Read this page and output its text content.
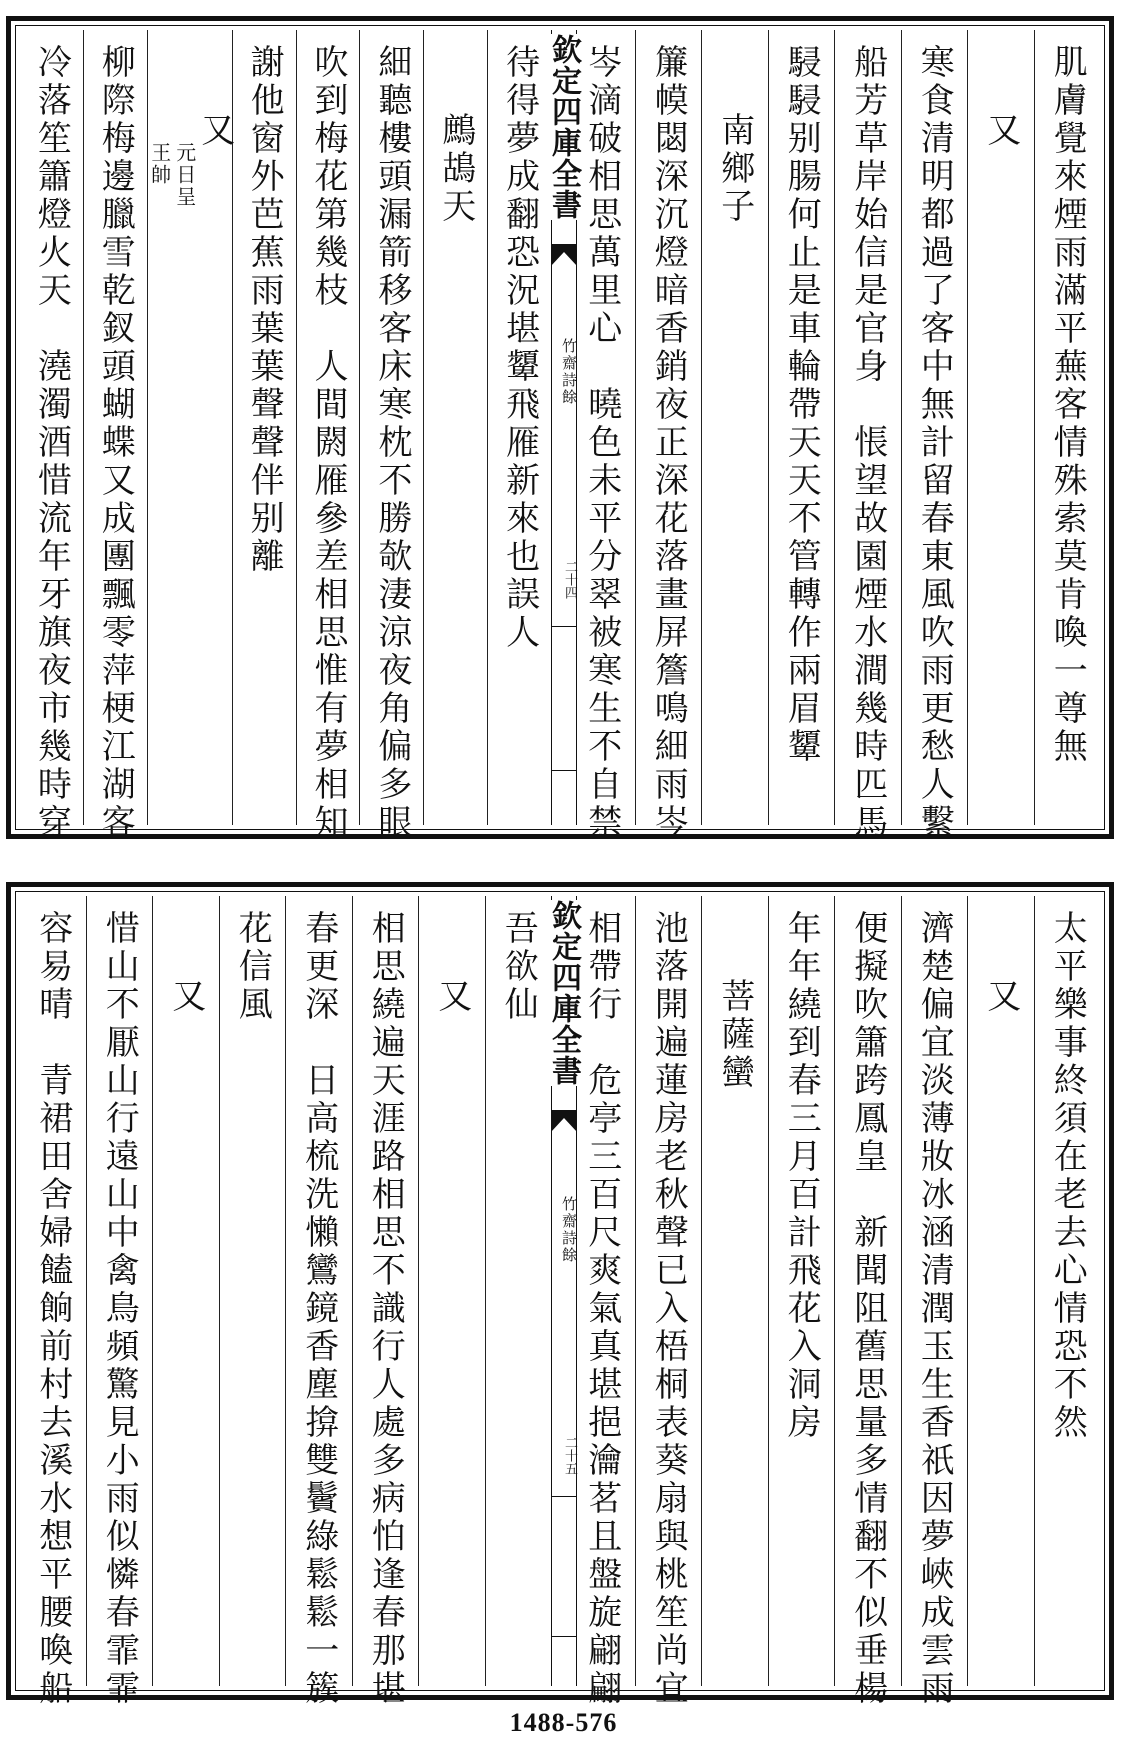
肌膚覺來煙雨滿平蕪客情殊索莫肯喚一尊無
又
寒食清明都過了客中無計留春東風吹雨更愁人繫
船芳草岸始信是官身　悵望故園煙水澗幾時匹馬
駸駸别腸何止是車輪帶天天不管轉作兩眉顰
南鄉子
簾幙閟深沉燈暗香銷夜正深花落畫屏簷鳴細雨岑
岑滴破相思萬里心　曉色未平分翠被寒生不自禁
欽定四庫全書
竹齋詩餘
二十四
待得夢成翻恐況堪顰飛雁新來也誤人
鷓鴣天
細聽樓頭漏箭移客床寒枕不勝欹淒涼夜角偏多眼
吹到梅花第幾枝　人間閼雁參差相思惟有夢相知
謝他窗外芭蕉雨葉葉聲聲伴别離
又
元日呈
王帥
柳際梅邊臘雪乾釵頭蝴蝶又成團飄零萍梗江湖客
冷落笙簫燈火天　澆濁酒惜流年牙旗夜市幾時穿
太平樂事終須在老去心情恐不然
又
濟楚偏宜淡薄妝冰涵清潤玉生香祇因夢峽成雲雨
便擬吹簫跨鳳皇　新聞阻舊思量多情翻不似垂楊
年年繞到春三月百計飛花入洞房
菩薩蠻
池落開遍蓮房老秋聲已入梧桐表葵扇與桃笙尚宜
相帶行　危亭三百尺爽氣真堪挹瀹茗且盤旋翩翩
欽定四庫全書
竹齋詩餘
二十五
吾欲仙
又
相思繞遍天涯路相思不識行人處多病怕逢春那堪
春更深　日高梳洗懶鸞鏡香塵揜雙鬢綠鬆鬆一簇
花信風
又
惜山不厭山行遠山中禽鳥頻驚見小雨似憐春霏霏
容易晴　青裙田舍婦饁餉前村去溪水想平腰喚船
1488-576
